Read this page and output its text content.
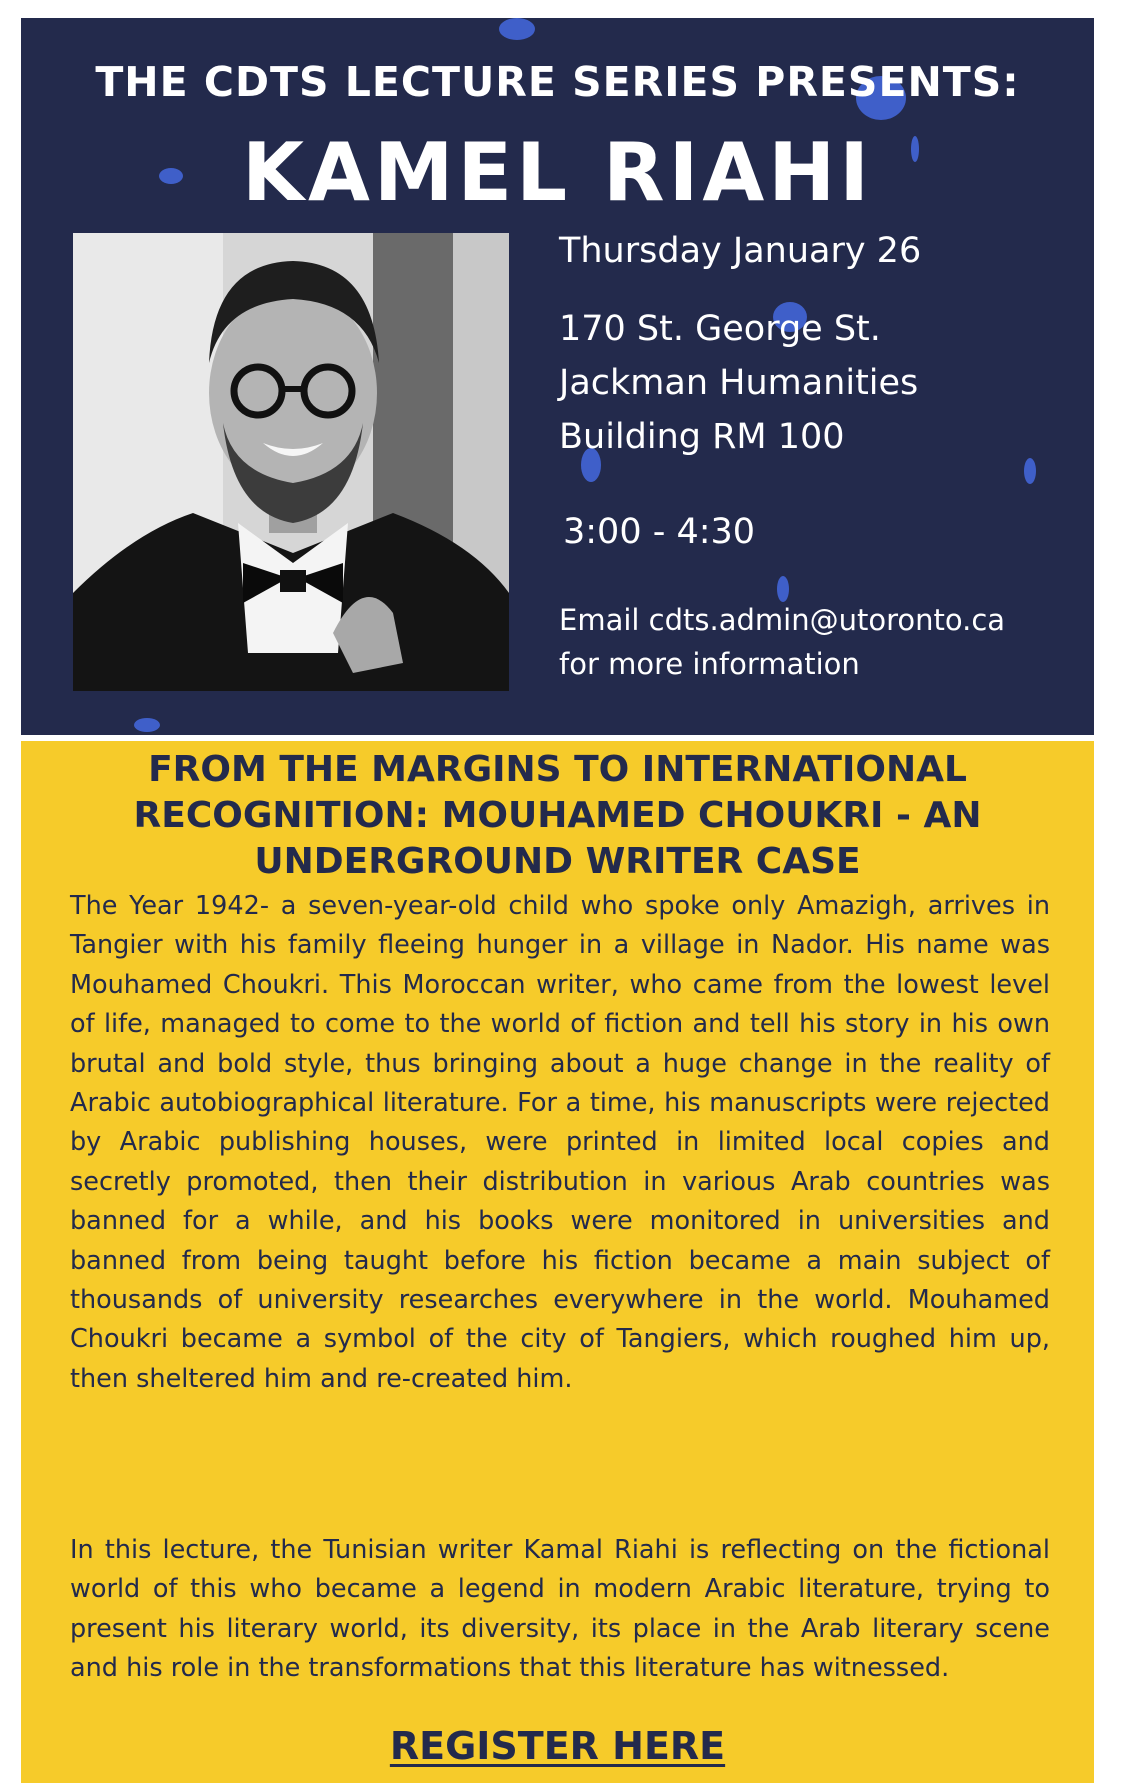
THE CDTS LECTURE SERIES PRESENTS:
KAMEL RIAHI
Thursday January 26
170 St. George St.
Jackman Humanities
Building RM 100
3:00 - 4:30
Email cdts.admin@utoronto.ca
for more information
FROM THE MARGINS TO INTERNATIONAL RECOGNITION: MOUHAMED CHOUKRI - AN UNDERGROUND WRITER CASE
The Year 1942- a seven-year-old child who spoke only Amazigh, arrives in Tangier with his family fleeing hunger in a village in Nador. His name was Mouhamed Choukri. This Moroccan writer, who came from the lowest level of life, managed to come to the world of fiction and tell his story in his own brutal and bold style, thus bringing about a huge change in the reality of Arabic autobiographical literature. For a time, his manuscripts were rejected by Arabic publishing houses, were printed in limited local copies and secretly promoted, then their distribution in various Arab countries was banned for a while, and his books were monitored in universities and banned from being taught before his fiction became a main subject of thousands of university researches everywhere in the world. Mouhamed Choukri became a symbol of the city of Tangiers, which roughed him up, then sheltered him and re-created him.
In this lecture, the Tunisian writer Kamal Riahi is reflecting on the fictional world of this who became a legend in modern Arabic literature, trying to present his literary world, its diversity, its place in the Arab literary scene and his role in the transformations that this literature has witnessed.
REGISTER HERE
